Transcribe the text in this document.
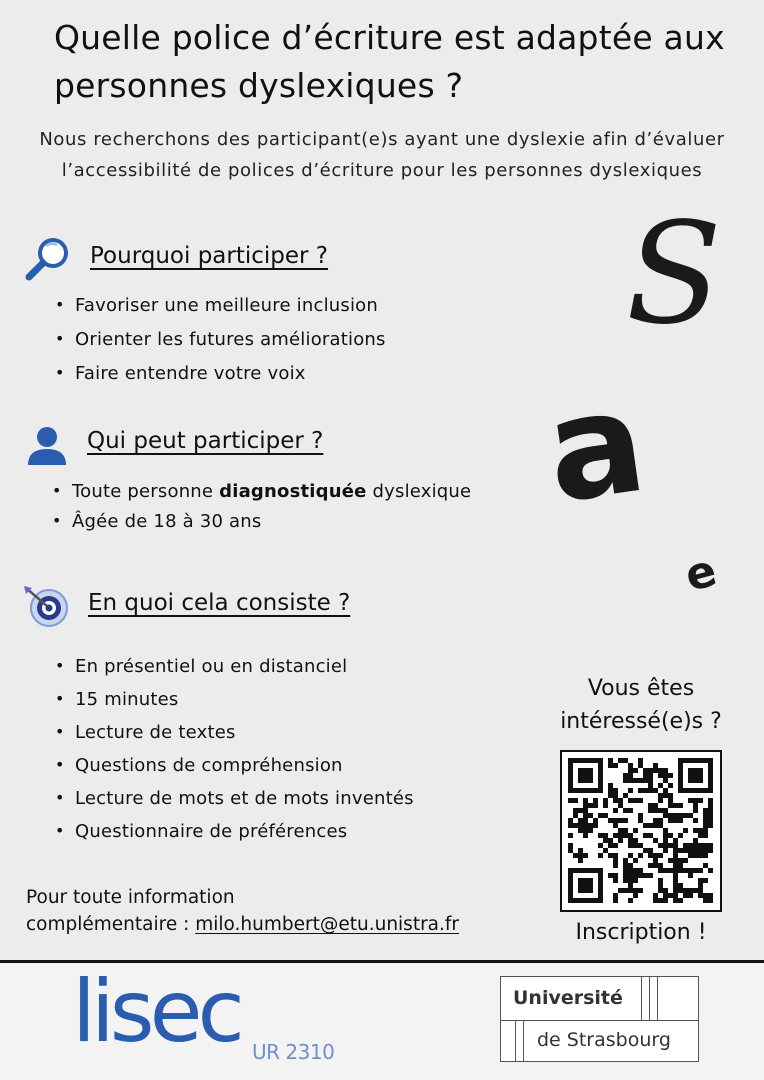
Quelle police d’écriture est adaptée aux personnes dyslexiques ?
Nous recherchons des participant(e)s ayant une dyslexie afin d’évaluer l’accessibilité de polices d’écriture pour les personnes dyslexiques
Pourquoi participer ?
• Favoriser une meilleure inclusion
• Orienter les futures améliorations
• Faire entendre votre voix
Qui peut participer ?
• Toute personne diagnostiquée dyslexique
• Âgée de 18 à 30 ans
En quoi cela consiste ?
• En présentiel ou en distanciel
• 15 minutes
• Lecture de textes
• Questions de compréhension
• Lecture de mots et de mots inventés
• Questionnaire de préférences
S
a
e
Vous êtes
intéressé(e)s ?
Inscription !
Pour toute information
complémentaire : milo.humbert@etu.unistra.fr
lisec UR 2310
Université
de Strasbourg
